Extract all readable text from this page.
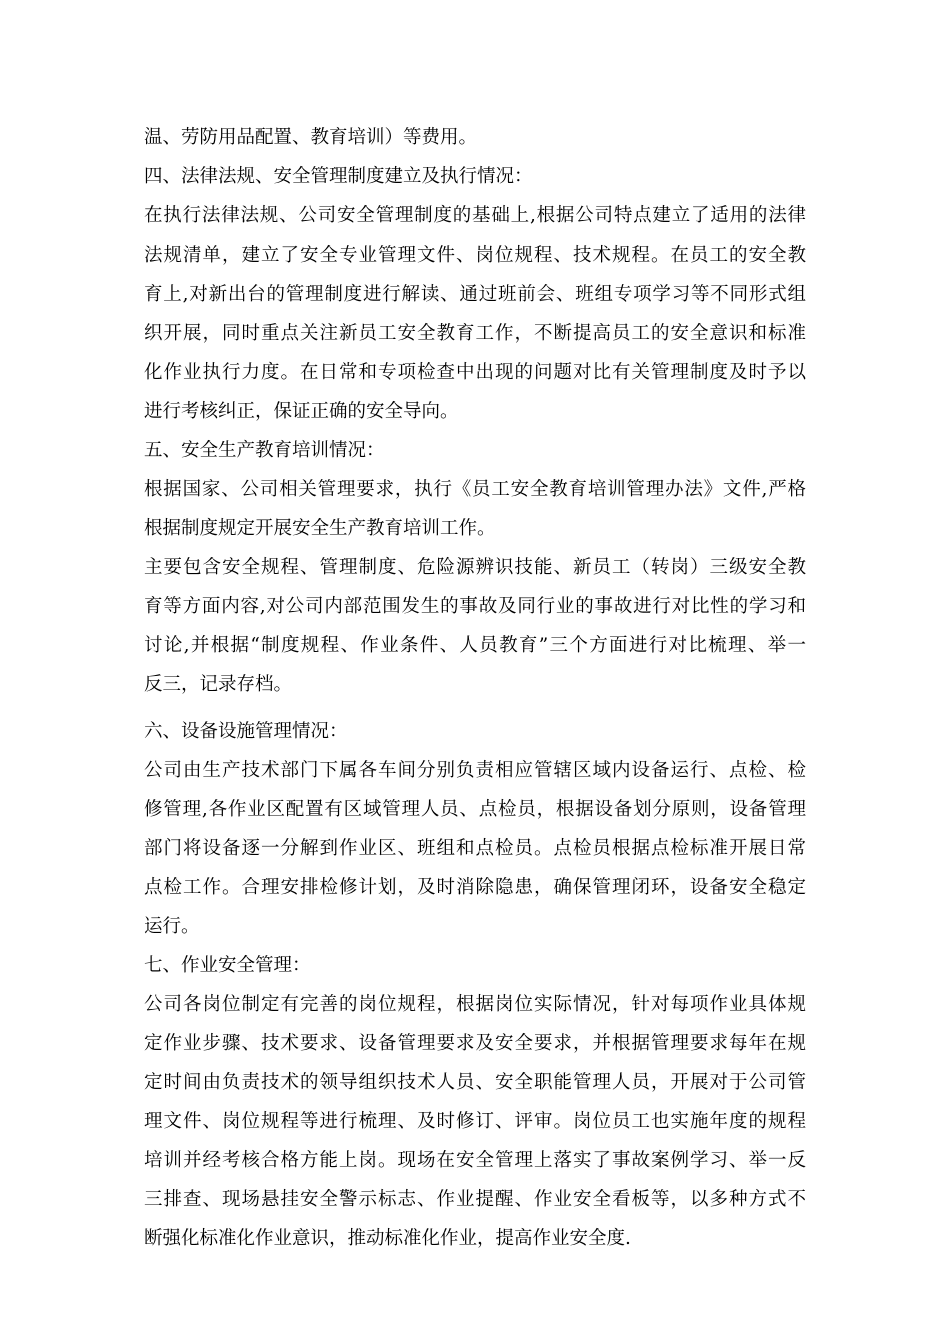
温、劳防用品配置、教育培训）等费用。
四、法律法规、安全管理制度建立及执行情况：
在执行法律法规、公司安全管理制度的基础上,根据公司特点建立了适用的法律
法规清单，建立了安全专业管理文件、岗位规程、技术规程。在员工的安全教
育上,对新出台的管理制度进行解读、通过班前会、班组专项学习等不同形式组
织开展，同时重点关注新员工安全教育工作，不断提高员工的安全意识和标准
化作业执行力度。在日常和专项检查中出现的问题对比有关管理制度及时予以
进行考核纠正，保证正确的安全导向。
五、安全生产教育培训情况：
根据国家、公司相关管理要求，执行《员工安全教育培训管理办法》文件,严格
根据制度规定开展安全生产教育培训工作。
主要包含安全规程、管理制度、危险源辨识技能、新员工（转岗）三级安全教
育等方面内容,对公司内部范围发生的事故及同行业的事故进行对比性的学习和
讨论,并根据“制度规程、作业条件、人员教育”三个方面进行对比梳理、举一
反三，记录存档。
六、设备设施管理情况：
公司由生产技术部门下属各车间分别负责相应管辖区域内设备运行、点检、检
修管理,各作业区配置有区域管理人员、点检员，根据设备划分原则，设备管理
部门将设备逐一分解到作业区、班组和点检员。点检员根据点检标准开展日常
点检工作。合理安排检修计划，及时消除隐患，确保管理闭环，设备安全稳定
运行。
七、作业安全管理：
公司各岗位制定有完善的岗位规程，根据岗位实际情况，针对每项作业具体规
定作业步骤、技术要求、设备管理要求及安全要求，并根据管理要求每年在规
定时间由负责技术的领导组织技术人员、安全职能管理人员，开展对于公司管
理文件、岗位规程等进行梳理、及时修订、评审。岗位员工也实施年度的规程
培训并经考核合格方能上岗。现场在安全管理上落实了事故案例学习、举一反
三排查、现场悬挂安全警示标志、作业提醒、作业安全看板等，以多种方式不
断强化标准化作业意识，推动标准化作业，提高作业安全度.
